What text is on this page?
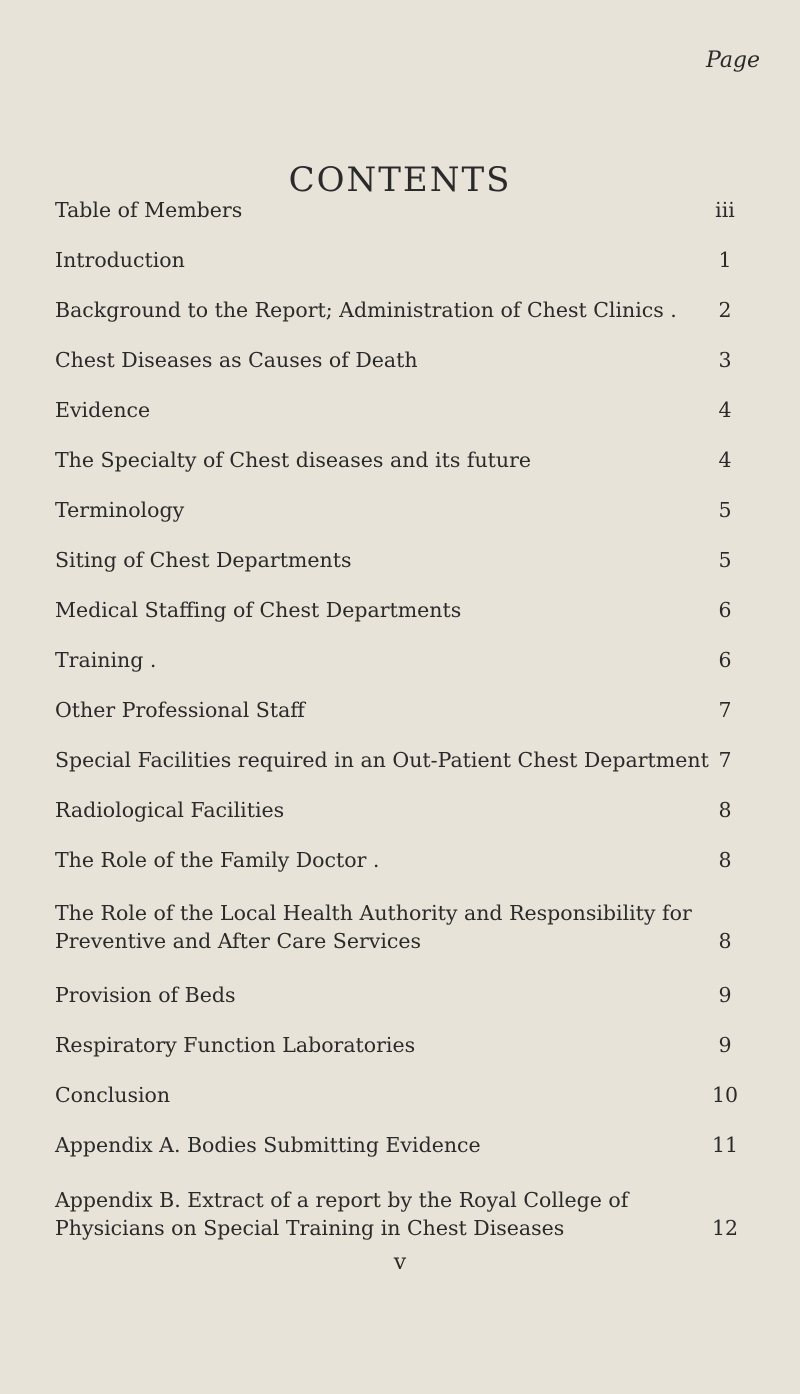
CONTENTS
Page
Table of Members	iii
Introduction	1
Background to the Report; Administration of Chest Clinics .	2
Chest Diseases as Causes of Death	3
Evidence	4
The Specialty of Chest diseases and its future	4
Terminology	5
Siting of Chest Departments	5
Medical Staffing of Chest Departments	6
Training .	6
Other Professional Staff	7
Special Facilities required in an Out-Patient Chest Department 7
Radiological Facilities	8
The Role of the Family Doctor .	8
The Role of the Local Health Authority and Responsibility for
Preventive and After Care Services	8
Provision of Beds	9
Respiratory Function Laboratories	9
Conclusion	10
Appendix A. Bodies Submitting Evidence	11
Appendix B. Extract of a report by the Royal College of
Physicians on Special Training in Chest Diseases	12
v
